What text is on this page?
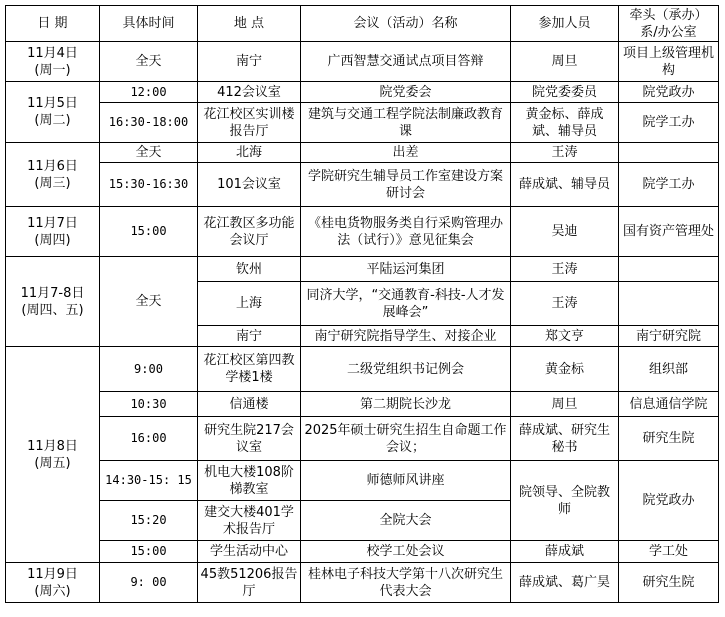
日 期	具体时间	地 点	会议（活动）名称	参加人员	牵头（承办）系/办公室
11月4日
(周一)	全天	南宁	广西智慧交通试点项目答辩	周旦	项目上级管理机构
11月5日
(周二)	12:00	412会议室	院党委会	院党委委员	院党政办
	16:30-18:00	花江校区实训楼报告厅	建筑与交通工程学院法制廉政教育课	黄金标、薛成斌、辅导员	院学工办
11月6日
(周三)	全天	北海	出差	王涛	
	15:30-16:30	101会议室	学院研究生辅导员工作室建设方案研讨会	薛成斌、辅导员	院学工办
11月7日
(周四)	15:00	花江教区多功能会议厅	《桂电货物服务类自行采购管理办法（试行）》意见征集会	吴迪	国有资产管理处
11月7-8日
(周四、五)	全天	钦州	平陆运河集团	王涛	
		上海	同济大学，“交通教育-科技-人才发展峰会”	王涛	
		南宁	南宁研究院指导学生、对接企业	郑文亨	南宁研究院
11月8日
(周五)	9:00	花江校区第四教学楼1楼	二级党组织书记例会	黄金标	组织部
	10:30	信通楼	第二期院长沙龙	周旦	信息通信学院
	16:00	研究生院217会议室	2025年硕士研究生招生自命题工作会议；	薛成斌、研究生秘书	研究生院
	14:30-15: 15	机电大楼108阶梯教室	师德师风讲座	院领导、全院教师	院党政办
	15:20	建交大楼401学术报告厅	全院大会		
	15:00	学生活动中心	校学工处会议	薛成斌	学工处
11月9日
(周六)	9: 00	45教51206报告厅	桂林电子科技大学第十八次研究生代表大会	薛成斌、葛广昊	研究生院
